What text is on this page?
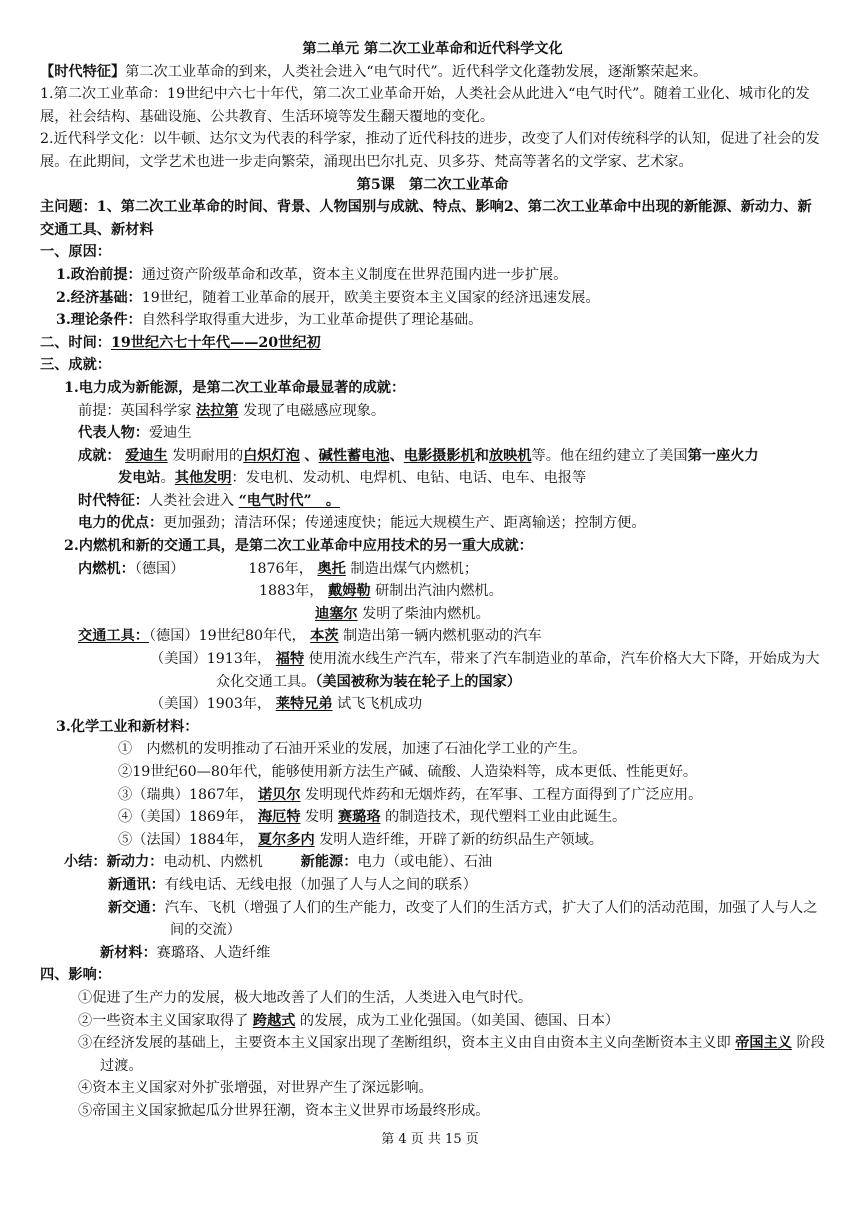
第二单元 第二次工业革命和近代科学文化
【时代特征】第二次工业革命的到来，人类社会进入“电气时代”。近代科学文化蓬勃发展，逐渐繁荣起来。
1.第二次工业革命：19世纪中六七十年代，第二次工业革命开始，人类社会从此进入“电气时代”。随着工业化、城市化的发展，社会结构、基础设施、公共教育、生活环境等发生翻天覆地的变化。
2.近代科学文化：以牛顿、达尔文为代表的科学家，推动了近代科技的进步，改变了人们对传统科学的认知，促进了社会的发展。在此期间，文学艺术也进一步走向繁荣，涌现出巴尔扎克、贝多芬、梵高等著名的文学家、艺术家。
第5课　第二次工业革命
主问题：1、第二次工业革命的时间、背景、人物国别与成就、特点、影响2、第二次工业革命中出现的新能源、新动力、新交通工具、新材料
一、原因：
1.政治前提：通过资产阶级革命和改革，资本主义制度在世界范围内进一步扩展。
2.经济基础：19世纪，随着工业革命的展开，欧美主要资本主义国家的经济迅速发展。
3.理论条件：自然科学取得重大进步，为工业革命提供了理论基础。
二、时间：19世纪六七十年代——20世纪初
三、成就：
1.电力成为新能源，是第二次工业革命最显著的成就：
前提：英国科学家 法拉第 发现了电磁感应现象。
代表人物：爱迪生
成就： 爱迪生 发明耐用的白炽灯泡 、碱性蓄电池、电影摄影机和放映机等。他在纽约建立了美国第一座火力
发电站。其他发明：发电机、发动机、电焊机、电钻、电话、电车、电报等
时代特征：人类社会进入 “电气时代”　。
电力的优点：更加强劲；清洁环保；传递速度快；能远大规模生产、距离输送；控制方便。
2.内燃机和新的交通工具，是第二次工业革命中应用技术的另一重大成就：
内燃机：（德国）	1876年， 奥托 制造出煤气内燃机；
1883年， 戴姆勒 研制出汽油内燃机。
迪塞尔 发明了柴油内燃机。
交通工具：（德国）19世纪80年代， 本茨 制造出第一辆内燃机驱动的汽车
（美国）1913年， 福特 使用流水线生产汽车，带来了汽车制造业的革命，汽车价格大大下降，开始成为大众化交通工具。（美国被称为装在轮子上的国家）
（美国）1903年， 莱特兄弟 试飞飞机成功
3.化学工业和新材料：
①　内燃机的发明推动了石油开采业的发展，加速了石油化学工业的产生。
②19世纪60—80年代，能够使用新方法生产碱、硫酸、人造染料等，成本更低、性能更好。
③（瑞典）1867年， 诺贝尔 发明现代炸药和无烟炸药，在军事、工程方面得到了广泛应用。
④（美国）1869年， 海厄特 发明 赛璐珞 的制造技术，现代塑料工业由此诞生。
⑤（法国）1884年， 夏尔多内 发明人造纤维，开辟了新的纺织品生产领域。
小结：新动力：电动机、内燃机	新能源：电力（或电能）、石油
新通讯：有线电话、无线电报（加强了人与人之间的联系）
新交通：汽车、飞机（增强了人们的生产能力，改变了人们的生活方式，扩大了人们的活动范围，加强了人与人之间的交流）
新材料：赛璐珞、人造纤维
四、影响：
①促进了生产力的发展，极大地改善了人们的生活，人类进入电气时代。
②一些资本主义国家取得了 跨越式 的发展，成为工业化强国。（如美国、德国、日本）
③在经济发展的基础上，主要资本主义国家出现了垄断组织，资本主义由自由资本主义向垄断资本主义即 帝国主义 阶段过渡。
④资本主义国家对外扩张增强，对世界产生了深远影响。
⑤帝国主义国家掀起瓜分世界狂潮，资本主义世界市场最终形成。
第 4 页 共 15 页
